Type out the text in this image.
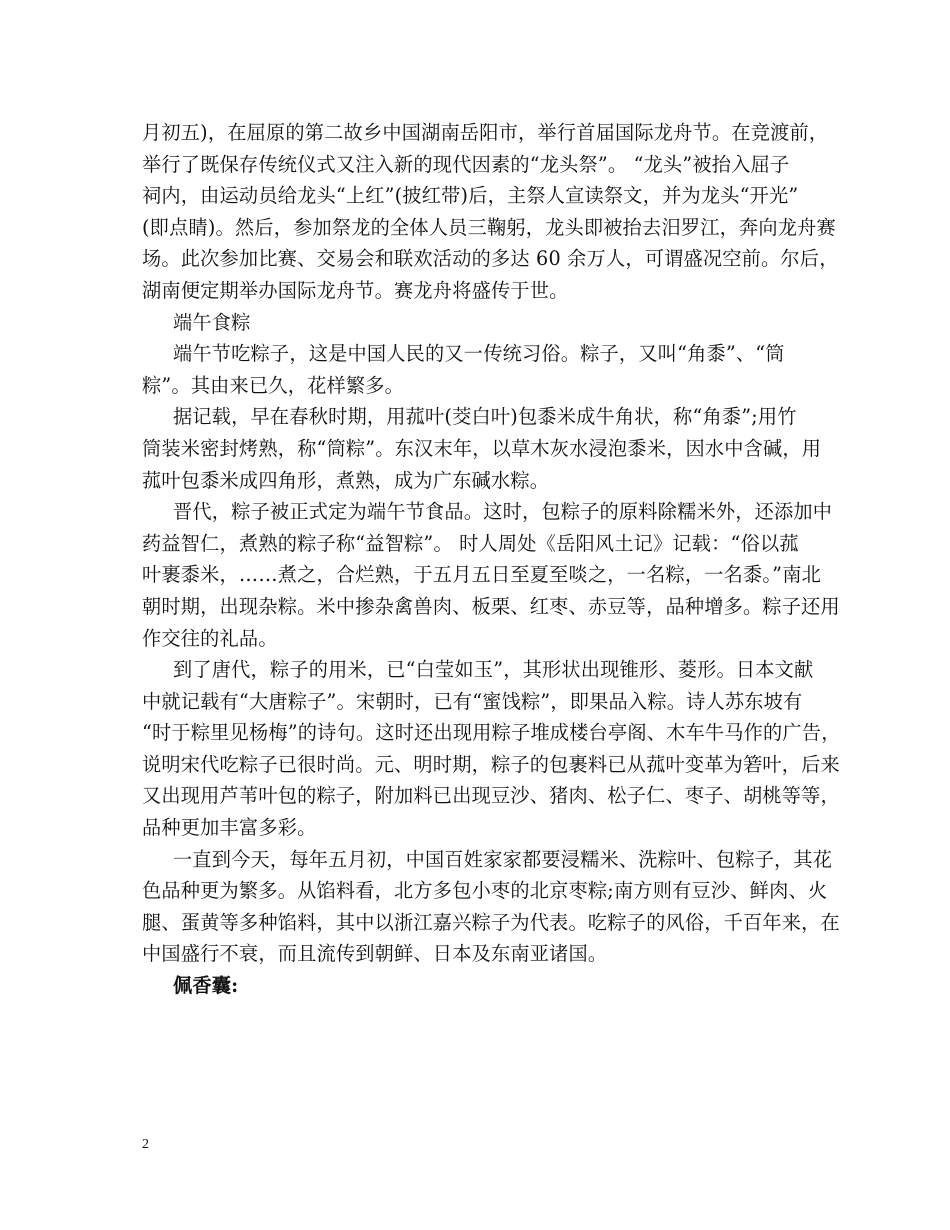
月初五)，在屈原的第二故乡中国湖南岳阳市，举行首届国际龙舟节。在竞渡前，
举行了既保存传统仪式又注入新的现代因素的“龙头祭”。 “龙头”被抬入屈子
祠内，由运动员给龙头“上红”(披红带)后，主祭人宣读祭文，并为龙头“开光”
(即点睛)。然后，参加祭龙的全体人员三鞠躬，龙头即被抬去汨罗江，奔向龙舟赛
场。此次参加比赛、交易会和联欢活动的多达 60 余万人，可谓盛况空前。尔后，
湖南便定期举办国际龙舟节。赛龙舟将盛传于世。
端午食粽
端午节吃粽子，这是中国人民的又一传统习俗。粽子，又叫“角黍”、“筒
粽”。其由来已久，花样繁多。
据记载，早在春秋时期，用菰叶(茭白叶)包黍米成牛角状，称“角黍”;用竹
筒装米密封烤熟，称“筒粽”。东汉末年，以草木灰水浸泡黍米，因水中含碱，用
菰叶包黍米成四角形，煮熟，成为广东碱水粽。
晋代，粽子被正式定为端午节食品。这时，包粽子的原料除糯米外，还添加中
药益智仁，煮熟的粽子称“益智粽”。 时人周处《岳阳风土记》记载：“俗以菰
叶裹黍米，……煮之，合烂熟，于五月五日至夏至啖之，一名粽，一名黍。”南北
朝时期，出现杂粽。米中掺杂禽兽肉、板栗、红枣、赤豆等，品种增多。粽子还用
作交往的礼品。
到了唐代，粽子的用米，已“白莹如玉”，其形状出现锥形、菱形。日本文献
中就记载有“大唐粽子”。宋朝时，已有“蜜饯粽”，即果品入粽。诗人苏东坡有
“时于粽里见杨梅”的诗句。这时还出现用粽子堆成楼台亭阁、木车牛马作的广告，
说明宋代吃粽子已很时尚。元、明时期，粽子的包裹料已从菰叶变革为箬叶，后来
又出现用芦苇叶包的粽子，附加料已出现豆沙、猪肉、松子仁、枣子、胡桃等等，
品种更加丰富多彩。
一直到今天，每年五月初，中国百姓家家都要浸糯米、洗粽叶、包粽子，其花
色品种更为繁多。从馅料看，北方多包小枣的北京枣粽;南方则有豆沙、鲜肉、火
腿、蛋黄等多种馅料，其中以浙江嘉兴粽子为代表。吃粽子的风俗，千百年来，在
中国盛行不衰，而且流传到朝鲜、日本及东南亚诸国。
佩香囊:
2
